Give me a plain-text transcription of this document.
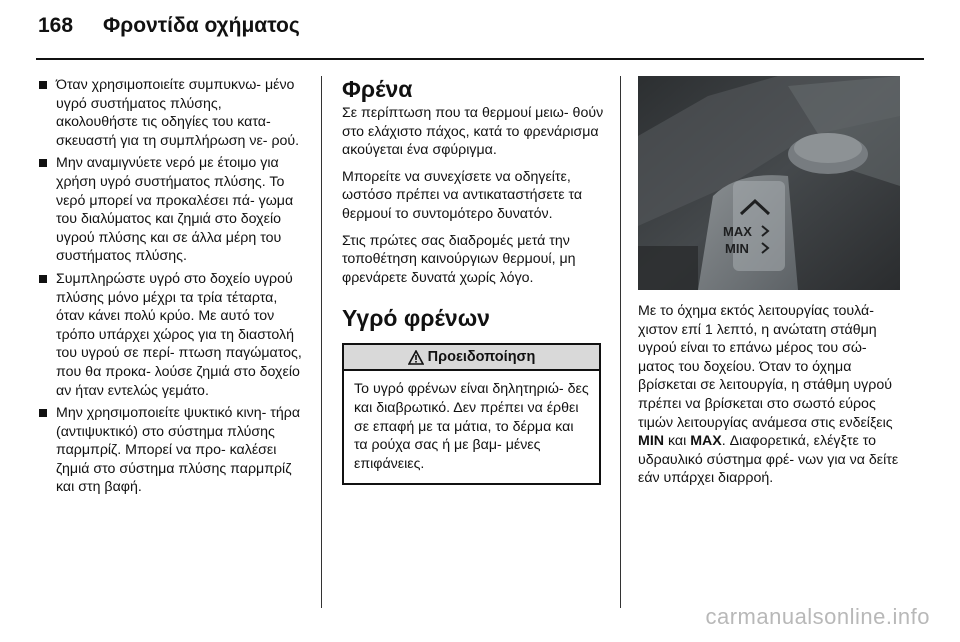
168 Φροντίδα οχήματος
Όταν χρησιμοποιείτε συμπυκνω- μένο υγρό συστήματος πλύσης, ακολουθήστε τις οδηγίες του κατα- σκευαστή για τη συμπλήρωση νε- ρού.
Μην αναμιγνύετε νερό με έτοιμο για χρήση υγρό συστήματος πλύσης. Το νερό μπορεί να προκαλέσει πά- γωμα του διαλύματος και ζημιά στο δοχείο υγρού πλύσης και σε άλλα μέρη του συστήματος πλύσης.
Συμπληρώστε υγρό στο δοχείο υγρού πλύσης μόνο μέχρι τα τρία τέταρτα, όταν κάνει πολύ κρύο. Με αυτό τον τρόπο υπάρχει χώρος για τη διαστολή του υγρού σε περί- πτωση παγώματος, που θα προκα- λούσε ζημιά στο δοχείο αν ήταν εντελώς γεμάτο.
Μην χρησιμοποιείτε ψυκτικό κινη- τήρα (αντιψυκτικό) στο σύστημα πλύσης παρμπρίζ. Μπορεί να προ- καλέσει ζημιά στο σύστημα πλύσης παρμπρίζ και στη βαφή.
Φρένα

Σε περίπτωση που τα θερμουί μειω- θούν στο ελάχιστο πάχος, κατά το φρενάρισμα ακούγεται ένα σφύριγμα.

Μπορείτε να συνεχίσετε να οδηγείτε, ωστόσο πρέπει να αντικαταστήσετε τα θερμουί το συντομότερο δυνατόν.

Στις πρώτες σας διαδρομές μετά την τοποθέτηση καινούργιων θερμουί, μη φρενάρετε δυνατά χωρίς λόγο.

Υγρό φρένων
Προειδοποίηση
Το υγρό φρένων είναι δηλητηριώ- δες και διαβρωτικό. Δεν πρέπει να έρθει σε επαφή με τα μάτια, το δέρμα και τα ρούχα σας ή με βαμ- μένες επιφάνειες.
MAX
MIN
Με το όχημα εκτός λειτουργίας τουλά- χιστον επί 1 λεπτό, η ανώτατη στάθμη υγρού είναι το επάνω μέρος του σώ- ματος του δοχείου. Όταν το όχημα βρίσκεται σε λειτουργία, η στάθμη υγρού πρέπει να βρίσκεται στο σωστό εύρος τιμών λειτουργίας ανάμεσα στις ενδείξεις MIN και MAX. Διαφορετικά, ελέγξτε το υδραυλικό σύστημα φρέ- νων για να δείτε εάν υπάρχει διαρροή.
carmanualsonline.info
